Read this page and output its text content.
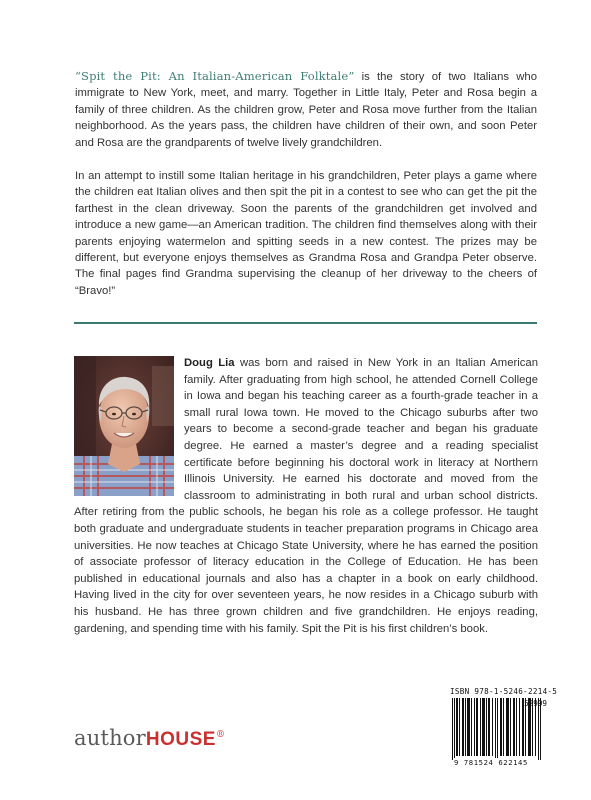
“Spit the Pit: An Italian-American Folktale” is the story of two Italians who immigrate to New York, meet, and marry. Together in Little Italy, Peter and Rosa begin a family of three children. As the children grow, Peter and Rosa move further from the Italian neighborhood. As the years pass, the children have children of their own, and soon Peter and Rosa are the grandparents of twelve lively grandchildren.

In an attempt to instill some Italian heritage in his grandchildren, Peter plays a game where the children eat Italian olives and then spit the pit in a contest to see who can get the pit the farthest in the clean driveway. Soon the parents of the grandchildren get involved and introduce a new game—an American tradition. The children find themselves along with their parents enjoying watermelon and spitting seeds in a new contest. The prizes may be different, but everyone enjoys themselves as Grandma Rosa and Grandpa Peter observe. The final pages find Grandma supervising the cleanup of her driveway to the cheers of “Bravo!”

Doug Lia was born and raised in New York in an Italian American family. After graduating from high school, he attended Cornell College in Iowa and began his teaching career as a fourth-grade teacher in a small rural Iowa town. He moved to the Chicago suburbs after two years to become a second-grade teacher and began his graduate degree. He earned a master’s degree and a reading specialist certificate before beginning his doctoral work in literacy at Northern Illinois University. He earned his doctorate and moved from the classroom to administrating in both rural and urban school districts. After retiring from the public schools, he began his role as a college professor. He taught both graduate and undergraduate students in teacher preparation programs in Chicago area universities. He now teaches at Chicago State University, where he has earned the position of associate professor of literacy education in the College of Education. He has been published in educational journals and also has a chapter in a book on early childhood. Having lived in the city for over seventeen years, he now resides in a Chicago suburb with his husband. He has three grown children and five grandchildren. He enjoys reading, gardening, and spending time with his family. Spit the Pit is his first children’s book.

authorHOUSE®
ISBN 978-1-5246-2214-5
52999
9 781524 622145
